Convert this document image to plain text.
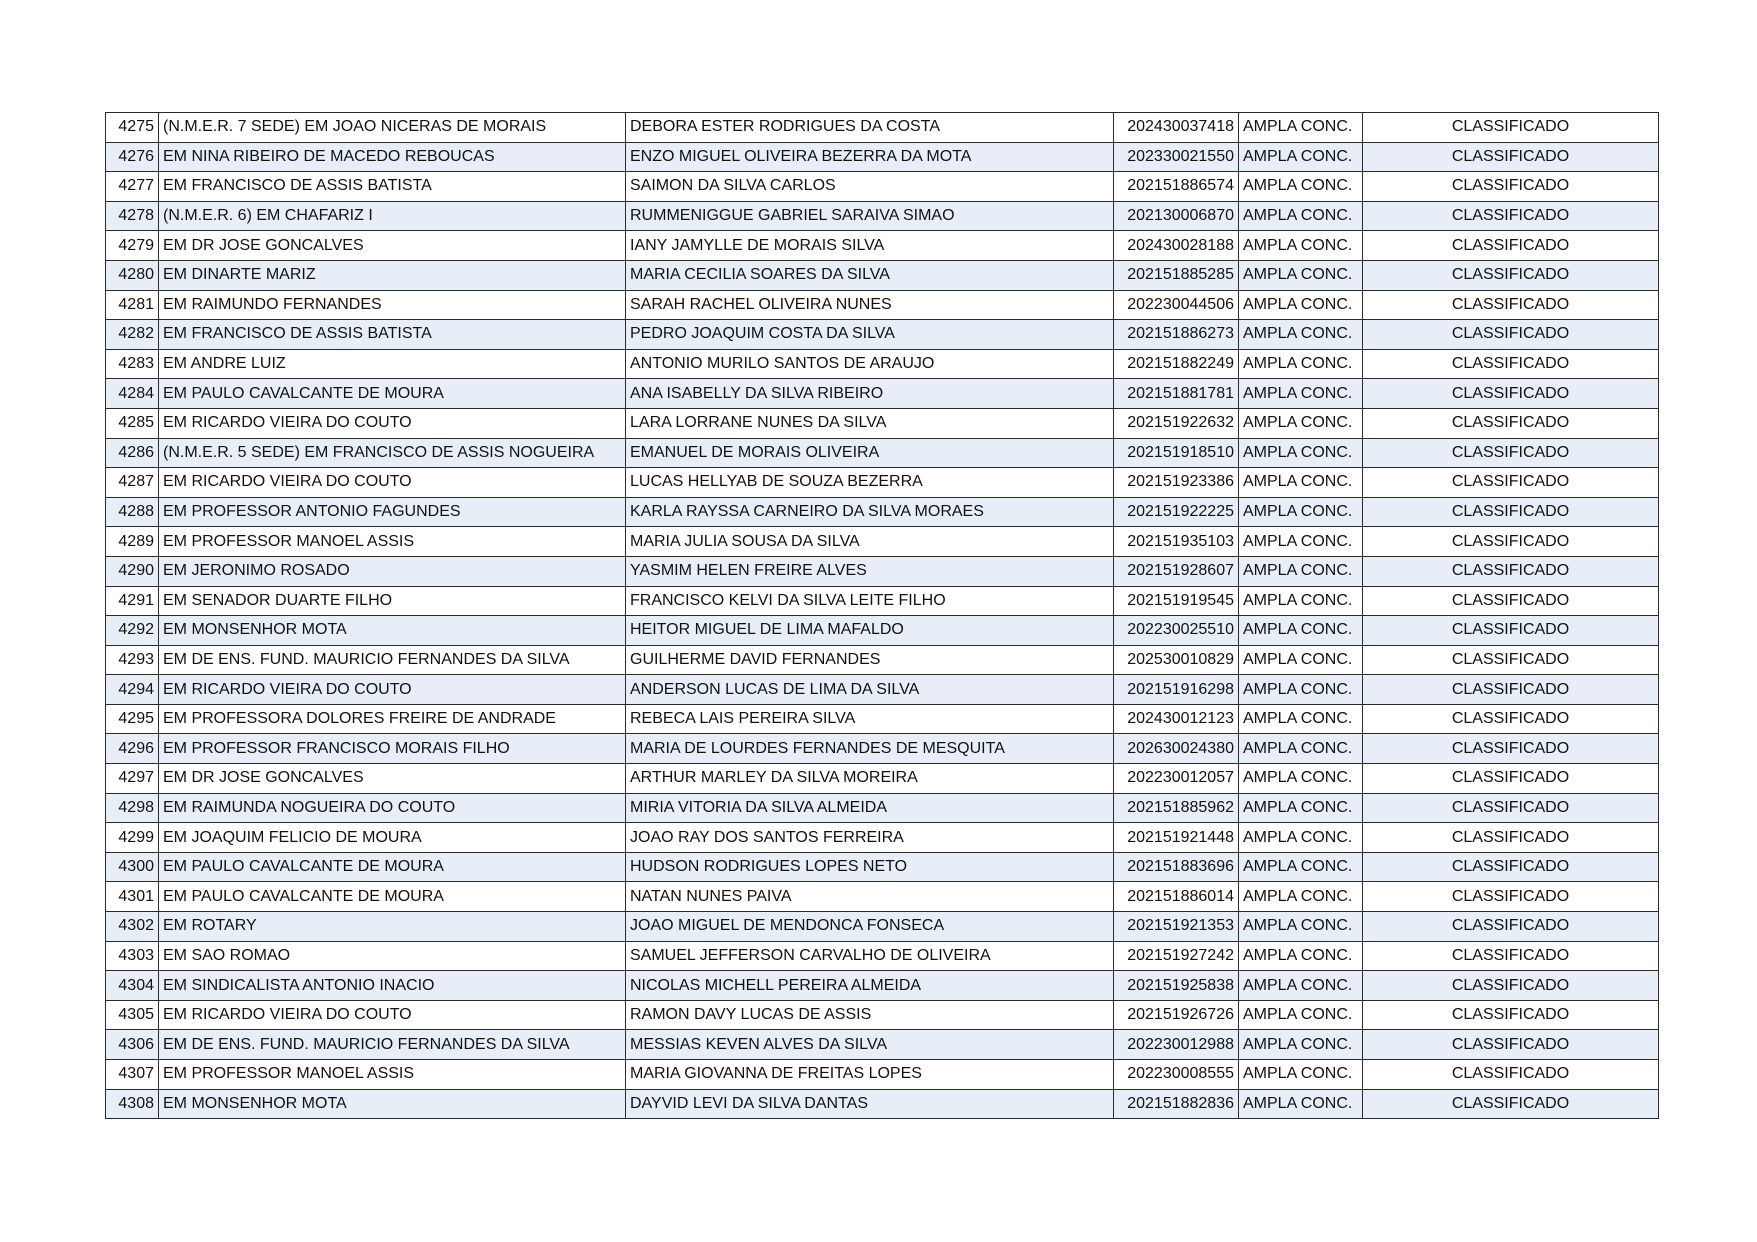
4275	(N.M.E.R. 7 SEDE) EM JOAO NICERAS DE MORAIS	DEBORA ESTER RODRIGUES DA COSTA	202430037418	AMPLA CONC.	CLASSIFICADO
4276	EM NINA RIBEIRO DE MACEDO REBOUCAS	ENZO MIGUEL OLIVEIRA BEZERRA DA MOTA	202330021550	AMPLA CONC.	CLASSIFICADO
4277	EM FRANCISCO DE ASSIS BATISTA	SAIMON DA SILVA CARLOS	202151886574	AMPLA CONC.	CLASSIFICADO
4278	(N.M.E.R. 6) EM CHAFARIZ I	RUMMENIGGUE GABRIEL SARAIVA SIMAO	202130006870	AMPLA CONC.	CLASSIFICADO
4279	EM DR JOSE GONCALVES	IANY JAMYLLE DE MORAIS SILVA	202430028188	AMPLA CONC.	CLASSIFICADO
4280	EM DINARTE MARIZ	MARIA CECILIA SOARES DA SILVA	202151885285	AMPLA CONC.	CLASSIFICADO
4281	EM RAIMUNDO FERNANDES	SARAH RACHEL OLIVEIRA NUNES	202230044506	AMPLA CONC.	CLASSIFICADO
4282	EM FRANCISCO DE ASSIS BATISTA	PEDRO JOAQUIM COSTA DA SILVA	202151886273	AMPLA CONC.	CLASSIFICADO
4283	EM ANDRE LUIZ	ANTONIO MURILO SANTOS DE ARAUJO	202151882249	AMPLA CONC.	CLASSIFICADO
4284	EM PAULO CAVALCANTE DE MOURA	ANA ISABELLY DA SILVA RIBEIRO	202151881781	AMPLA CONC.	CLASSIFICADO
4285	EM RICARDO VIEIRA DO COUTO	LARA LORRANE NUNES DA SILVA	202151922632	AMPLA CONC.	CLASSIFICADO
4286	(N.M.E.R. 5 SEDE) EM FRANCISCO DE ASSIS NOGUEIRA	EMANUEL DE MORAIS OLIVEIRA	202151918510	AMPLA CONC.	CLASSIFICADO
4287	EM RICARDO VIEIRA DO COUTO	LUCAS HELLYAB DE SOUZA BEZERRA	202151923386	AMPLA CONC.	CLASSIFICADO
4288	EM PROFESSOR ANTONIO FAGUNDES	KARLA RAYSSA CARNEIRO DA SILVA MORAES	202151922225	AMPLA CONC.	CLASSIFICADO
4289	EM PROFESSOR MANOEL ASSIS	MARIA JULIA SOUSA DA SILVA	202151935103	AMPLA CONC.	CLASSIFICADO
4290	EM JERONIMO ROSADO	YASMIM HELEN FREIRE ALVES	202151928607	AMPLA CONC.	CLASSIFICADO
4291	EM SENADOR DUARTE FILHO	FRANCISCO KELVI DA SILVA LEITE FILHO	202151919545	AMPLA CONC.	CLASSIFICADO
4292	EM MONSENHOR MOTA	HEITOR MIGUEL DE LIMA MAFALDO	202230025510	AMPLA CONC.	CLASSIFICADO
4293	EM DE ENS. FUND. MAURICIO FERNANDES DA SILVA	GUILHERME DAVID FERNANDES	202530010829	AMPLA CONC.	CLASSIFICADO
4294	EM RICARDO VIEIRA DO COUTO	ANDERSON LUCAS DE LIMA DA SILVA	202151916298	AMPLA CONC.	CLASSIFICADO
4295	EM PROFESSORA DOLORES FREIRE DE ANDRADE	REBECA LAIS PEREIRA SILVA	202430012123	AMPLA CONC.	CLASSIFICADO
4296	EM PROFESSOR FRANCISCO MORAIS FILHO	MARIA DE LOURDES FERNANDES DE MESQUITA	202630024380	AMPLA CONC.	CLASSIFICADO
4297	EM DR JOSE GONCALVES	ARTHUR MARLEY DA SILVA MOREIRA	202230012057	AMPLA CONC.	CLASSIFICADO
4298	EM RAIMUNDA NOGUEIRA DO COUTO	MIRIA VITORIA DA SILVA ALMEIDA	202151885962	AMPLA CONC.	CLASSIFICADO
4299	EM JOAQUIM FELICIO DE MOURA	JOAO RAY DOS SANTOS FERREIRA	202151921448	AMPLA CONC.	CLASSIFICADO
4300	EM PAULO CAVALCANTE DE MOURA	HUDSON RODRIGUES LOPES NETO	202151883696	AMPLA CONC.	CLASSIFICADO
4301	EM PAULO CAVALCANTE DE MOURA	NATAN NUNES PAIVA	202151886014	AMPLA CONC.	CLASSIFICADO
4302	EM ROTARY	JOAO MIGUEL DE MENDONCA FONSECA	202151921353	AMPLA CONC.	CLASSIFICADO
4303	EM SAO ROMAO	SAMUEL JEFFERSON CARVALHO DE OLIVEIRA	202151927242	AMPLA CONC.	CLASSIFICADO
4304	EM SINDICALISTA ANTONIO INACIO	NICOLAS MICHELL PEREIRA ALMEIDA	202151925838	AMPLA CONC.	CLASSIFICADO
4305	EM RICARDO VIEIRA DO COUTO	RAMON DAVY LUCAS DE ASSIS	202151926726	AMPLA CONC.	CLASSIFICADO
4306	EM DE ENS. FUND. MAURICIO FERNANDES DA SILVA	MESSIAS KEVEN ALVES DA SILVA	202230012988	AMPLA CONC.	CLASSIFICADO
4307	EM PROFESSOR MANOEL ASSIS	MARIA GIOVANNA DE FREITAS LOPES	202230008555	AMPLA CONC.	CLASSIFICADO
4308	EM MONSENHOR MOTA	DAYVID LEVI DA SILVA DANTAS	202151882836	AMPLA CONC.	CLASSIFICADO
